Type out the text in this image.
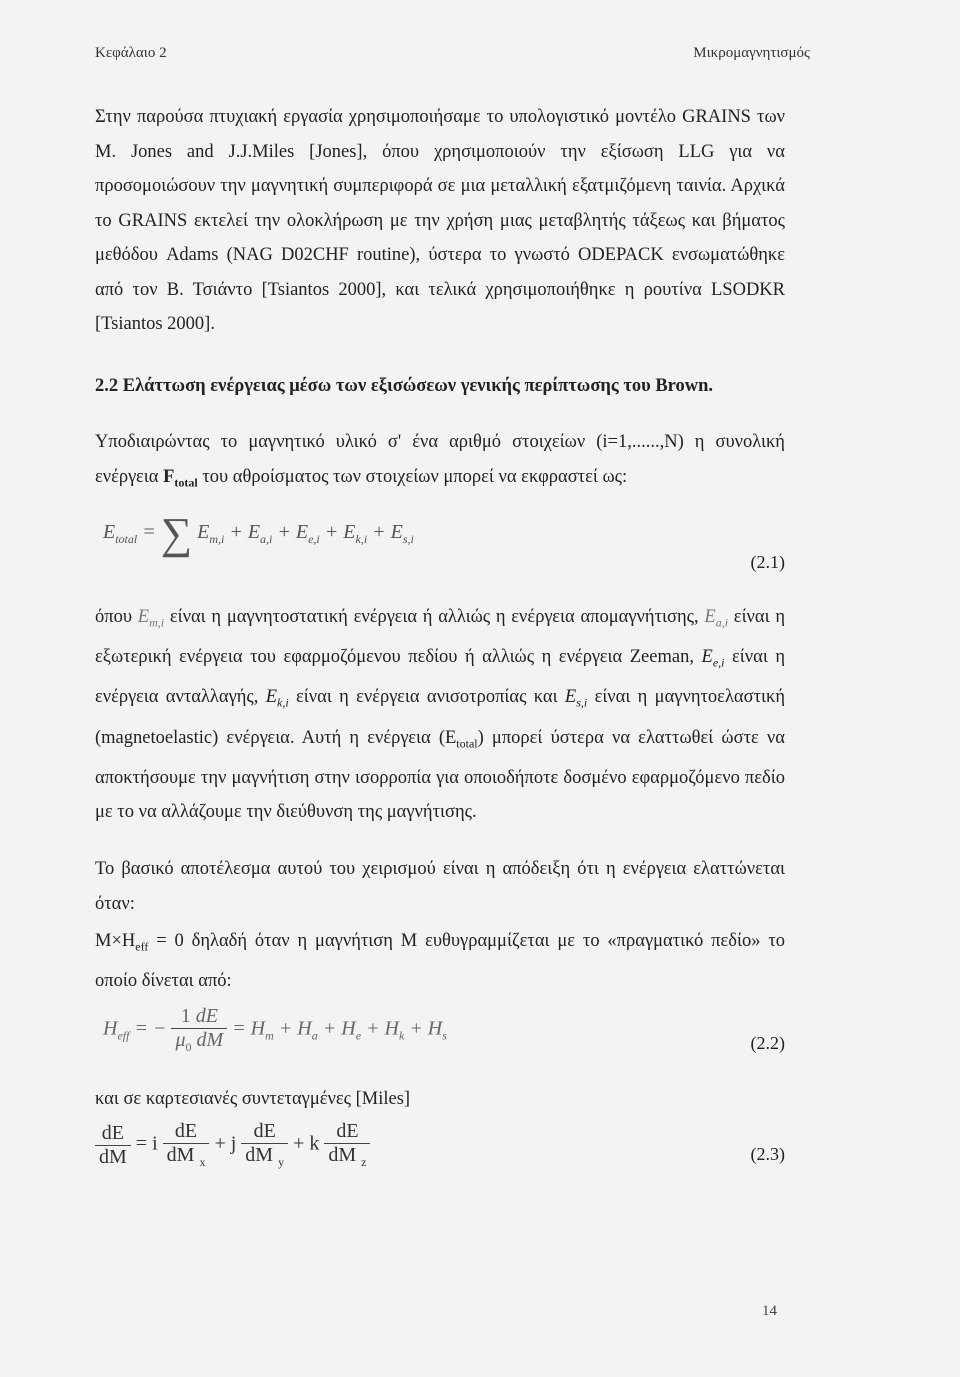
Κεφάλαιο 2	Μικρομαγνητισμός

Στην παρούσα πτυχιακή εργασία χρησιμοποιήσαμε το υπολογιστικό μοντέλο GRAINS των M. Jones and J.J.Miles [Jones], όπου χρησιμοποιούν την εξίσωση LLG για να προσομοιώσουν την μαγνητική συμπεριφορά σε μια μεταλλική εξατμιζόμενη ταινία. Αρχικά το GRAINS εκτελεί την ολοκλήρωση με την χρήση μιας μεταβλητής τάξεως και βήματος μεθόδου Adams (NAG D02CHF routine), ύστερα το γνωστό ODEPACK ενσωματώθηκε από τον Β. Τσιάντο [Tsiantos 2000], και τελικά χρησιμοποιήθηκε η ρουτίνα LSODKR [Tsiantos 2000].

2.2 Ελάττωση ενέργειας μέσω των εξισώσεων γενικής περίπτωσης του Brown.

Υποδιαιρώντας το μαγνητικό υλικό σ' ένα αριθμό στοιχείων (i=1,......,N) η συνολική ενέργεια $F_{total}$ του αθροίσματος των στοιχείων μπορεί να εκφραστεί ως:

$E_{total}$ = ∑ $E_{m,i} + E_{a,i} + E_{e,i} + E_{k,i} + E_{s,i}$
(2.1)

όπου $E_{m,i}$ είναι η μαγνητοστατική ενέργεια ή αλλιώς η ενέργεια απομαγνήτισης, $E_{a,i}$ είναι η εξωτερική ενέργεια του εφαρμοζόμενου πεδίου ή αλλιώς η ενέργεια Zeeman, $E_{e,i}$ είναι η ενέργεια ανταλλαγής, $E_{k,i}$ είναι η ενέργεια ανισοτροπίας και $E_{s,i}$ είναι η μαγνητοελαστική (magnetoelastic) ενέργεια. Αυτή η ενέργεια $(E_{total})$ μπορεί ύστερα να ελαττωθεί ώστε να αποκτήσουμε την μαγνήτιση στην ισορροπία για οποιοδήποτε δοσμένο εφαρμοζόμενο πεδίο με το να αλλάζουμε την διεύθυνση της μαγνήτισης.

Το βασικό αποτέλεσμα αυτού του χειρισμού είναι η απόδειξη ότι η ενέργεια ελαττώνεται όταν:

$M\times H_{eff} = 0$ δηλαδή όταν η μαγνήτιση M ευθυγραμμίζεται με το «πραγματικό πεδίο» το οποίο δίνεται από:

$H_{eff}$ = − $\frac{1 dE}{\mu_0 dM} = H_m + H_a + H_e + H_k + H_s$	(2.2)

και σε καρτεσιανές συντεταγμένες [Miles]

$\frac{dE}{dM} = i \frac{dE}{dM _x} + j \frac{dE}{dM _y} + k \frac{dE}{dM _z}$	(2.3)
14
